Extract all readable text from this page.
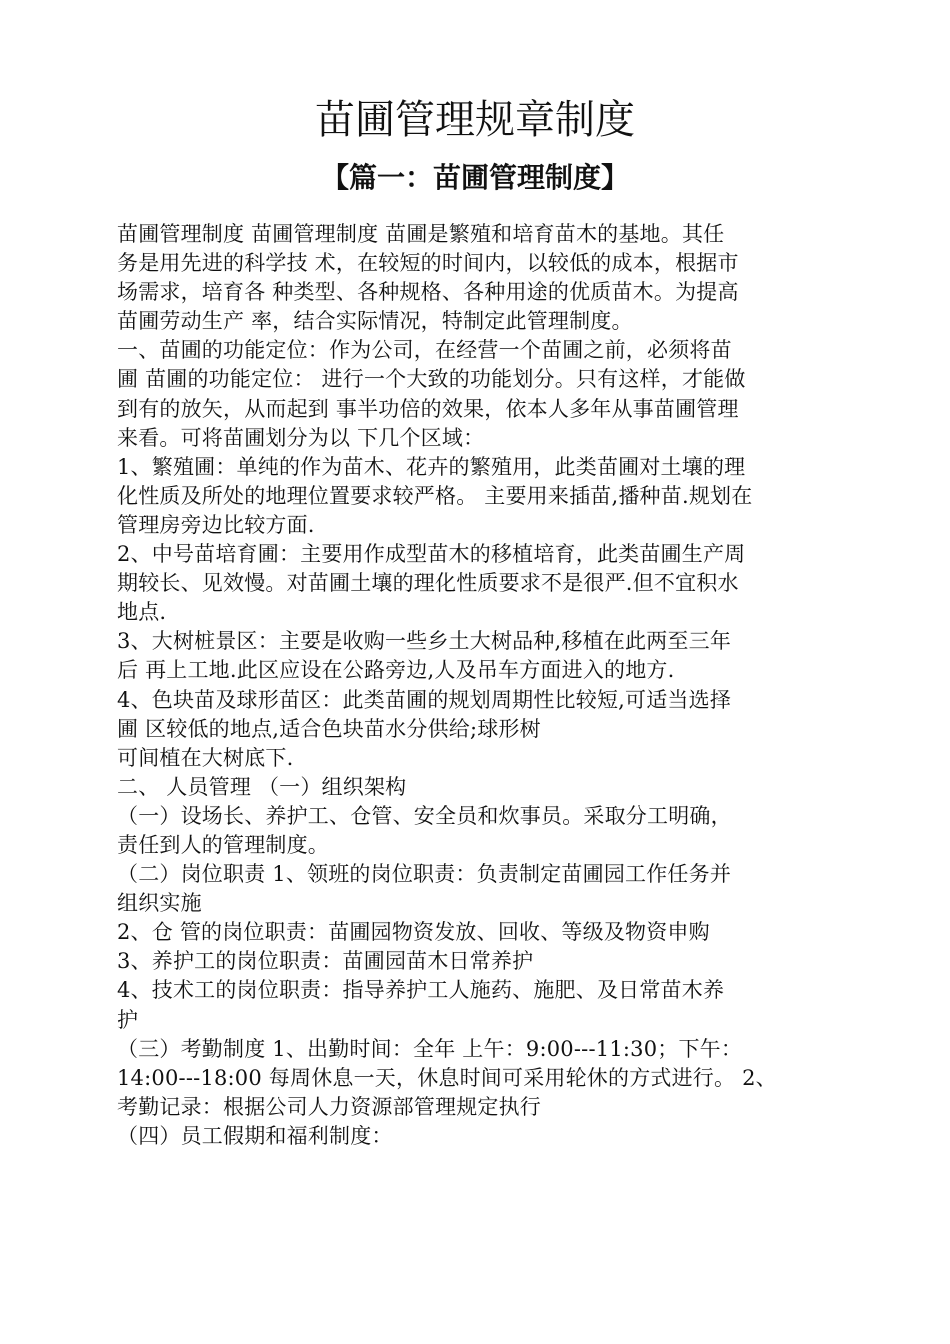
苗圃管理规章制度
【篇一：苗圃管理制度】
苗圃管理制度 苗圃管理制度 苗圃是繁殖和培育苗木的基地。其任
务是用先进的科学技 术，在较短的时间内，以较低的成本，根据市
场需求，培育各 种类型、各种规格、各种用途的优质苗木。为提高
苗圃劳动生产 率，结合实际情况，特制定此管理制度。
一、苗圃的功能定位：作为公司，在经营一个苗圃之前，必须将苗
圃 苗圃的功能定位： 进行一个大致的功能划分。只有这样，才能做
到有的放矢，从而起到 事半功倍的效果，依本人多年从事苗圃管理
来看。可将苗圃划分为以 下几个区域：
1、繁殖圃：单纯的作为苗木、花卉的繁殖用，此类苗圃对土壤的理
化性质及所处的地理位置要求较严格。 主要用来插苗,播种苗.规划在
管理房旁边比较方面.
2、中号苗培育圃：主要用作成型苗木的移植培育，此类苗圃生产周
期较长、见效慢。对苗圃土壤的理化性质要求不是很严.但不宜积水
地点.
3、大树桩景区：主要是收购一些乡土大树品种,移植在此两至三年
后 再上工地.此区应设在公路旁边,人及吊车方面进入的地方.
4、色块苗及球形苗区：此类苗圃的规划周期性比较短,可适当选择
圃 区较低的地点,适合色块苗水分供给;球形树
可间植在大树底下.
二、 人员管理 （一）组织架构
（一）设场长、养护工、仓管、安全员和炊事员。采取分工明确，
责任到人的管理制度。
（二）岗位职责 1、领班的岗位职责：负责制定苗圃园工作任务并
组织实施
2、仓 管的岗位职责：苗圃园物资发放、回收、等级及物资申购
3、养护工的岗位职责：苗圃园苗木日常养护
4、技术工的岗位职责：指导养护工人施药、施肥、及日常苗木养
护
（三）考勤制度 1、出勤时间：全年 上午：9:00---11:30；下午：
14:00---18:00 每周休息一天，休息时间可采用轮休的方式进行。 2、
考勤记录：根据公司人力资源部管理规定执行
（四）员工假期和福利制度：
